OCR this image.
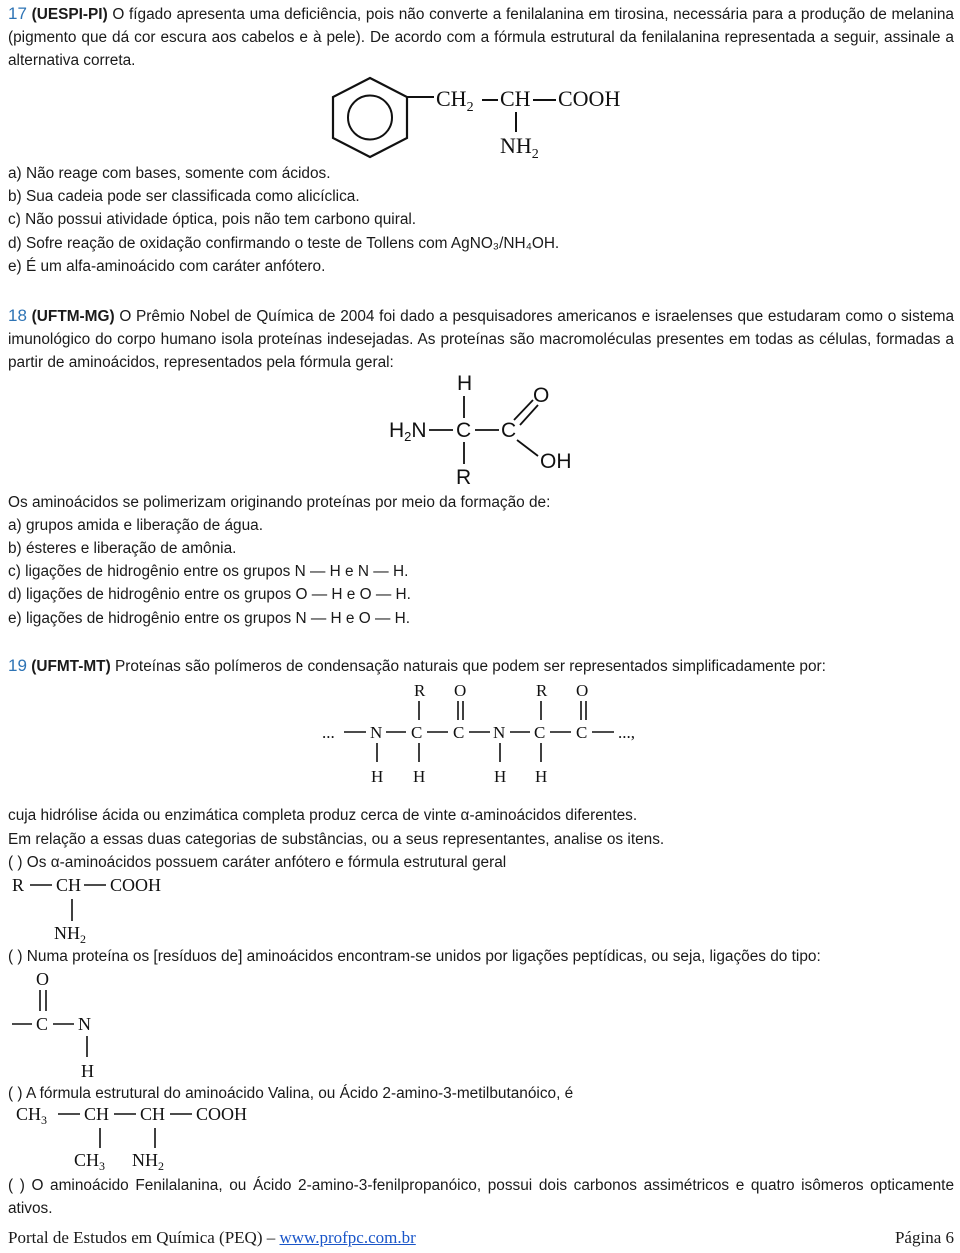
17 (UESPI-PI) O fígado apresenta uma deficiência, pois não converte a fenilalanina em tirosina, necessária para a produção de melanina (pigmento que dá cor escura aos cabelos e à pele). De acordo com a fórmula estrutural da fenilalanina representada a seguir, assinale a alternativa correta.
$CH_2$ CH COOH
$NH_2$
a) Não reage com bases, somente com ácidos.
b) Sua cadeia pode ser classificada como alicíclica.
c) Não possui atividade óptica, pois não tem carbono quiral.
d) Sofre reação de oxidação confirmando o teste de Tollens com AgNO₃/NH₄OH.
e) É um alfa-aminoácido com caráter anfótero.
18 (UFTM-MG) O Prêmio Nobel de Química de 2004 foi dado a pesquisadores americanos e israelenses que estudaram como o sistema imunológico do corpo humano isola proteínas indesejadas. As proteínas são macromoléculas presentes em todas as células, formadas a partir de aminoácidos, representados pela fórmula geral:
H
H2N C C
O
OH
R
Os aminoácidos se polimerizam originando proteínas por meio da formação de:
a) grupos amida e liberação de água.
b) ésteres e liberação de amônia.
c) ligações de hidrogênio entre os grupos N — H e N — H.
d) ligações de hidrogênio entre os grupos O — H e O — H.
e) ligações de hidrogênio entre os grupos N — H e O — H.
19 (UFMT-MT) Proteínas são polímeros de condensação naturais que podem ser representados simplificadamente por:
... N C C N C C ...,
R O	R O
H H	H H
cuja hidrólise ácida ou enzimática completa produz cerca de vinte α-aminoácidos diferentes.
Em relação a essas duas categorias de substâncias, ou a seus representantes, analise os itens.
( ) Os α-aminoácidos possuem caráter anfótero e fórmula estrutural geral
R CH COOH
$NH_2$
( ) Numa proteína os [resíduos de] aminoácidos encontram-se unidos por ligações peptídicas, ou seja, ligações do tipo:
O
C N
H
( ) A fórmula estrutural do aminoácido Valina, ou Ácido 2-amino-3-metilbutanóico, é
$CH_3$ CH CH COOH
$CH_3$ $NH_2$
( ) O aminoácido Fenilalanina, ou Ácido 2-amino-3-fenilpropanóico, possui dois carbonos assimétricos e quatro isômeros opticamente ativos.
Portal de Estudos em Química (PEQ) – www.profpc.com.br	Página 6
